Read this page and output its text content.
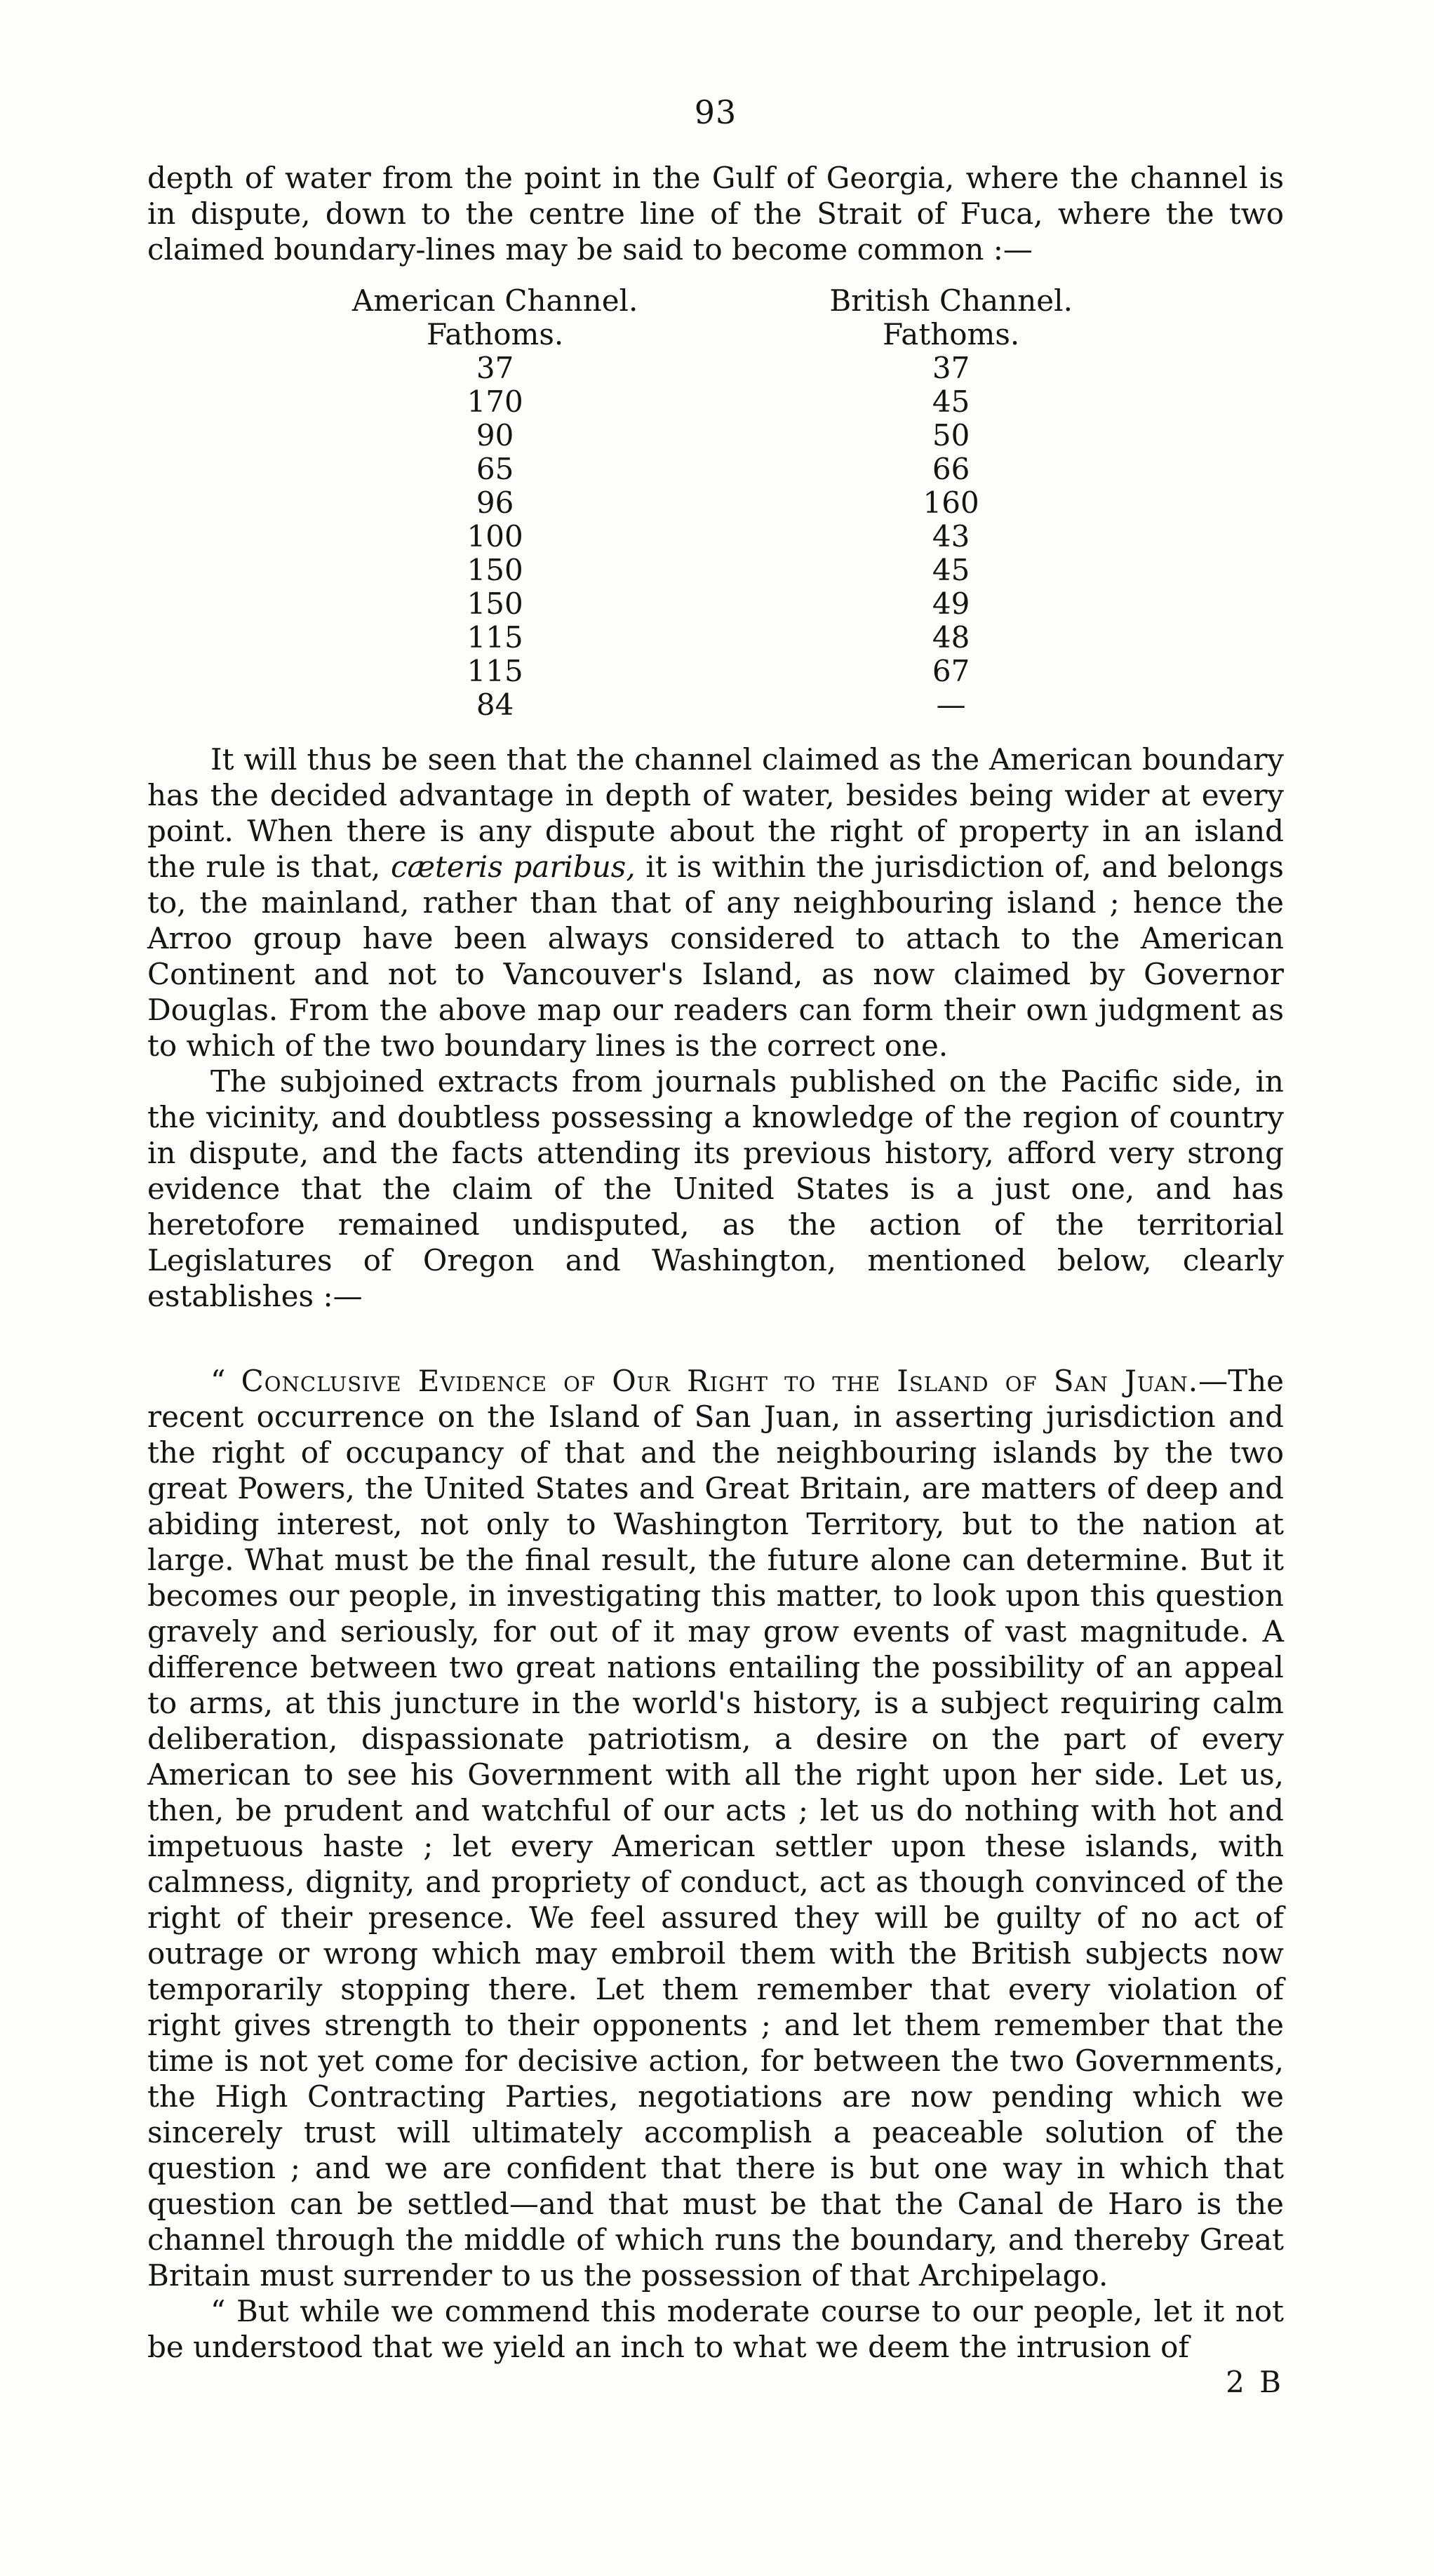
93

depth of water from the point in the Gulf of Georgia, where the channel is in dispute, down to the centre line of the Strait of Fuca, where the two claimed boundary-lines may be said to become common :—

American Channel.	British Channel.
Fathoms.	Fathoms.
37	37
170	45
90	50
65	66
96	160
100	43
150	45
150	49
115	48
115	67
84	—

It will thus be seen that the channel claimed as the American boundary has the decided advantage in depth of water, besides being wider at every point. When there is any dispute about the right of property in an island the rule is that, cæteris paribus, it is within the jurisdiction of, and belongs to, the mainland, rather than that of any neighbouring island ; hence the Arroo group have been always considered to attach to the American Continent and not to Vancouver's Island, as now claimed by Governor Douglas. From the above map our readers can form their own judgment as to which of the two boundary lines is the correct one.

The subjoined extracts from journals published on the Pacific side, in the vicinity, and doubtless possessing a knowledge of the region of country in dispute, and the facts attending its previous history, afford very strong evidence that the claim of the United States is a just one, and has heretofore remained undisputed, as the action of the territorial Legislatures of Oregon and Washington, mentioned below, clearly establishes :—

“ Conclusive Evidence of Our Right to the Island of San Juan.—The recent occurrence on the Island of San Juan, in asserting jurisdiction and the right of occupancy of that and the neighbouring islands by the two great Powers, the United States and Great Britain, are matters of deep and abiding interest, not only to Washington Territory, but to the nation at large. What must be the final result, the future alone can determine. But it becomes our people, in investigating this matter, to look upon this question gravely and seriously, for out of it may grow events of vast magnitude. A difference between two great nations entailing the possibility of an appeal to arms, at this juncture in the world's history, is a subject requiring calm deliberation, dispassionate patriotism, a desire on the part of every American to see his Government with all the right upon her side. Let us, then, be prudent and watchful of our acts ; let us do nothing with hot and impetuous haste ; let every American settler upon these islands, with calmness, dignity, and propriety of conduct, act as though convinced of the right of their presence. We feel assured they will be guilty of no act of outrage or wrong which may embroil them with the British subjects now temporarily stopping there. Let them remember that every violation of right gives strength to their opponents ; and let them remember that the time is not yet come for decisive action, for between the two Governments, the High Contracting Parties, negotiations are now pending which we sincerely trust will ultimately accomplish a peaceable solution of the question ; and we are confident that there is but one way in which that question can be settled—and that must be that the Canal de Haro is the channel through the middle of which runs the boundary, and thereby Great Britain must surrender to us the possession of that Archipelago.

“ But while we commend this moderate course to our people, let it not be understood that we yield an inch to what we deem the intrusion of

2 B
